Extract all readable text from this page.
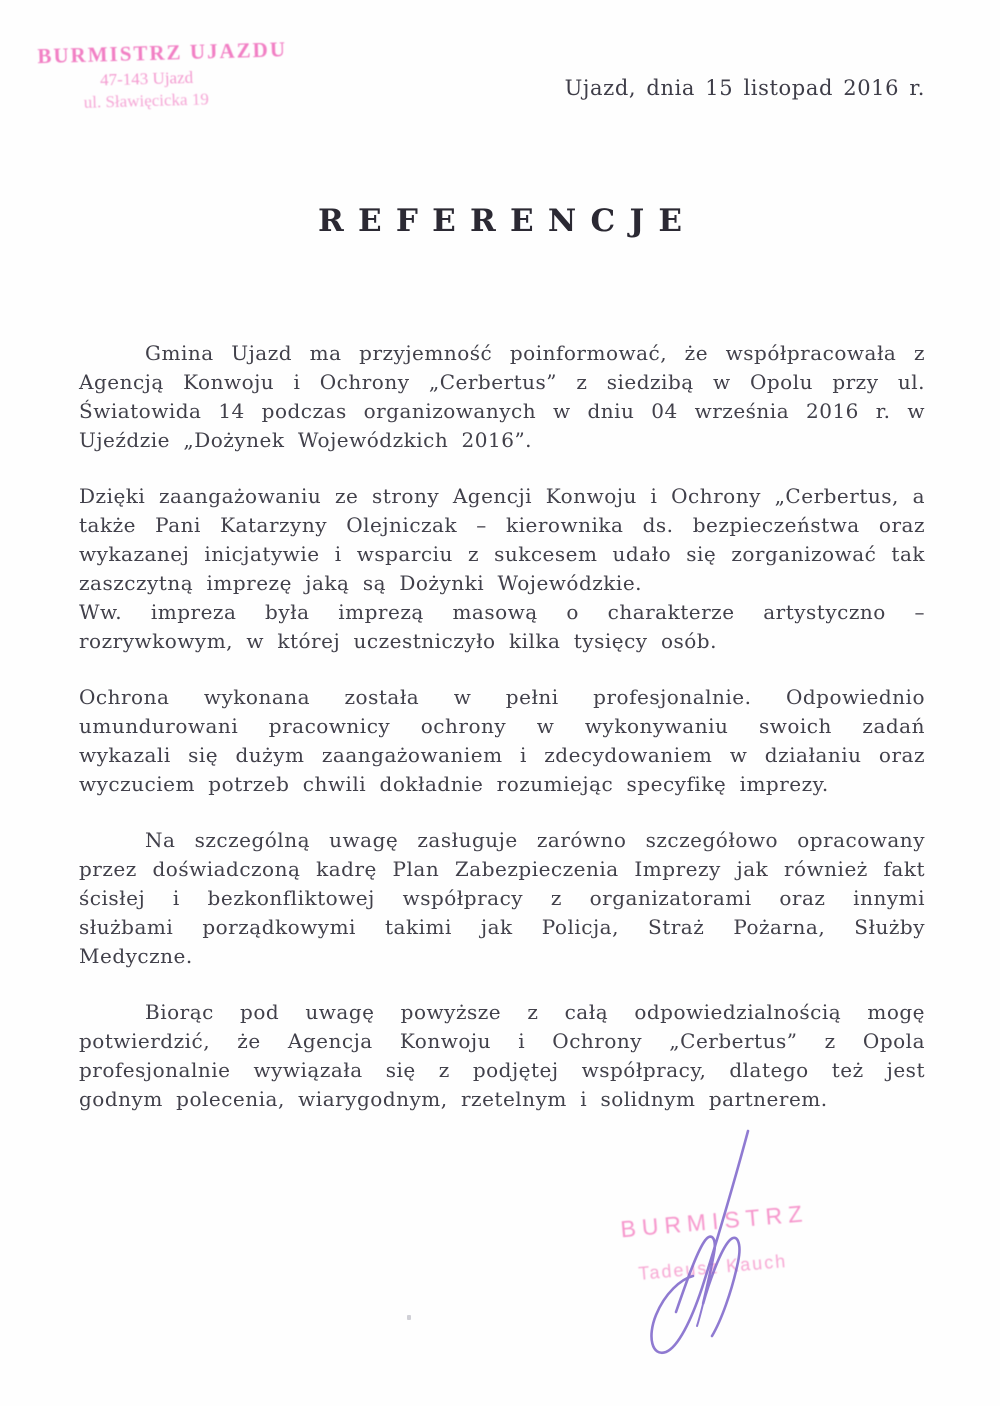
BURMISTRZ UJAZDU
47-143 Ujazd
ul. Sławięcicka 19
Ujazd, dnia 15 listopad 2016 r.
REFERENCJE

Gmina Ujazd ma przyjemność poinformować, że współpracowała z Agencją Konwoju i Ochrony „Cerbertus” z siedzibą w Opolu przy ul. Światowida 14 podczas organizowanych w dniu 04 września 2016 r. w Ujeździe „Dożynek Wojewódzkich 2016”.

Dzięki zaangażowaniu ze strony Agencji Konwoju i Ochrony „Cerbertus, a także Pani Katarzyny Olejniczak – kierownika ds. bezpieczeństwa oraz wykazanej inicjatywie i wsparciu z sukcesem udało się zorganizować tak zaszczytną imprezę jaką są Dożynki Wojewódzkie.

Ww. impreza była imprezą masową o charakterze artystyczno – rozrywkowym, w której uczestniczyło kilka tysięcy osób.

Ochrona wykonana została w pełni profesjonalnie. Odpowiednio umundurowani pracownicy ochrony w wykonywaniu swoich zadań wykazali się dużym zaangażowaniem i zdecydowaniem w działaniu oraz wyczuciem potrzeb chwili dokładnie rozumiejąc specyfikę imprezy.

Na szczególną uwagę zasługuje zarówno szczegółowo opracowany przez doświadczoną kadrę Plan Zabezpieczenia Imprezy jak również fakt ścisłej i bezkonfliktowej współpracy z organizatorami oraz innymi służbami porządkowymi takimi jak Policja, Straż Pożarna, Służby Medyczne.

Biorąc pod uwagę powyższe z całą odpowiedzialnością mogę potwierdzić, że Agencja Konwoju i Ochrony „Cerbertus” z Opola profesjonalnie wywiązała się z podjętej współpracy, dlatego też jest godnym polecenia, wiarygodnym, rzetelnym i solidnym partnerem.

BURMISTRZ
Tadeusz Kauch
